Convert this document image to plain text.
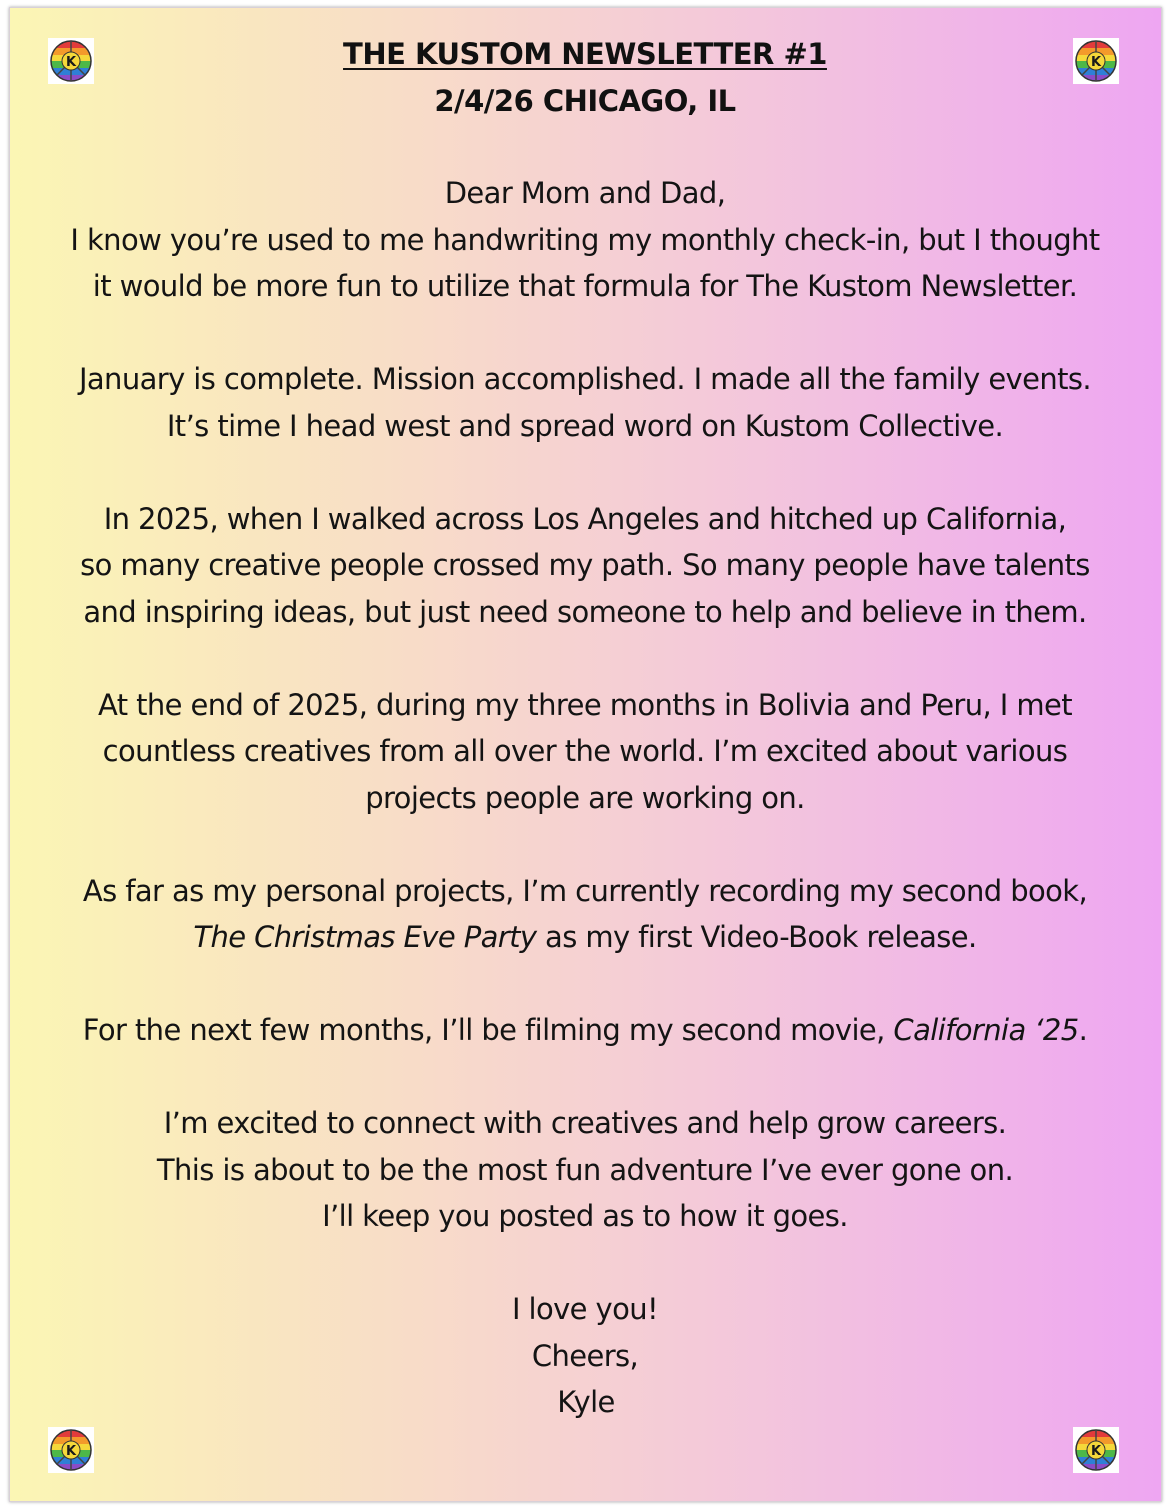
K	K
K	K
THE KUSTOM NEWSLETTER #1
2/4/26 CHICAGO, IL

Dear Mom and Dad,
I know you’re used to me handwriting my monthly check-in, but I thought
it would be more fun to utilize that formula for The Kustom Newsletter.

January is complete. Mission accomplished. I made all the family events.
It’s time I head west and spread word on Kustom Collective.

In 2025, when I walked across Los Angeles and hitched up California,
so many creative people crossed my path. So many people have talents
and inspiring ideas, but just need someone to help and believe in them.

At the end of 2025, during my three months in Bolivia and Peru, I met
countless creatives from all over the world. I’m excited about various
projects people are working on.

As far as my personal projects, I’m currently recording my second book,
The Christmas Eve Party as my first Video-Book release.

For the next few months, I’ll be filming my second movie, California ‘25.

I’m excited to connect with creatives and help grow careers.
This is about to be the most fun adventure I’ve ever gone on.
I’ll keep you posted as to how it goes.

I love you!
Cheers,
Kyle
